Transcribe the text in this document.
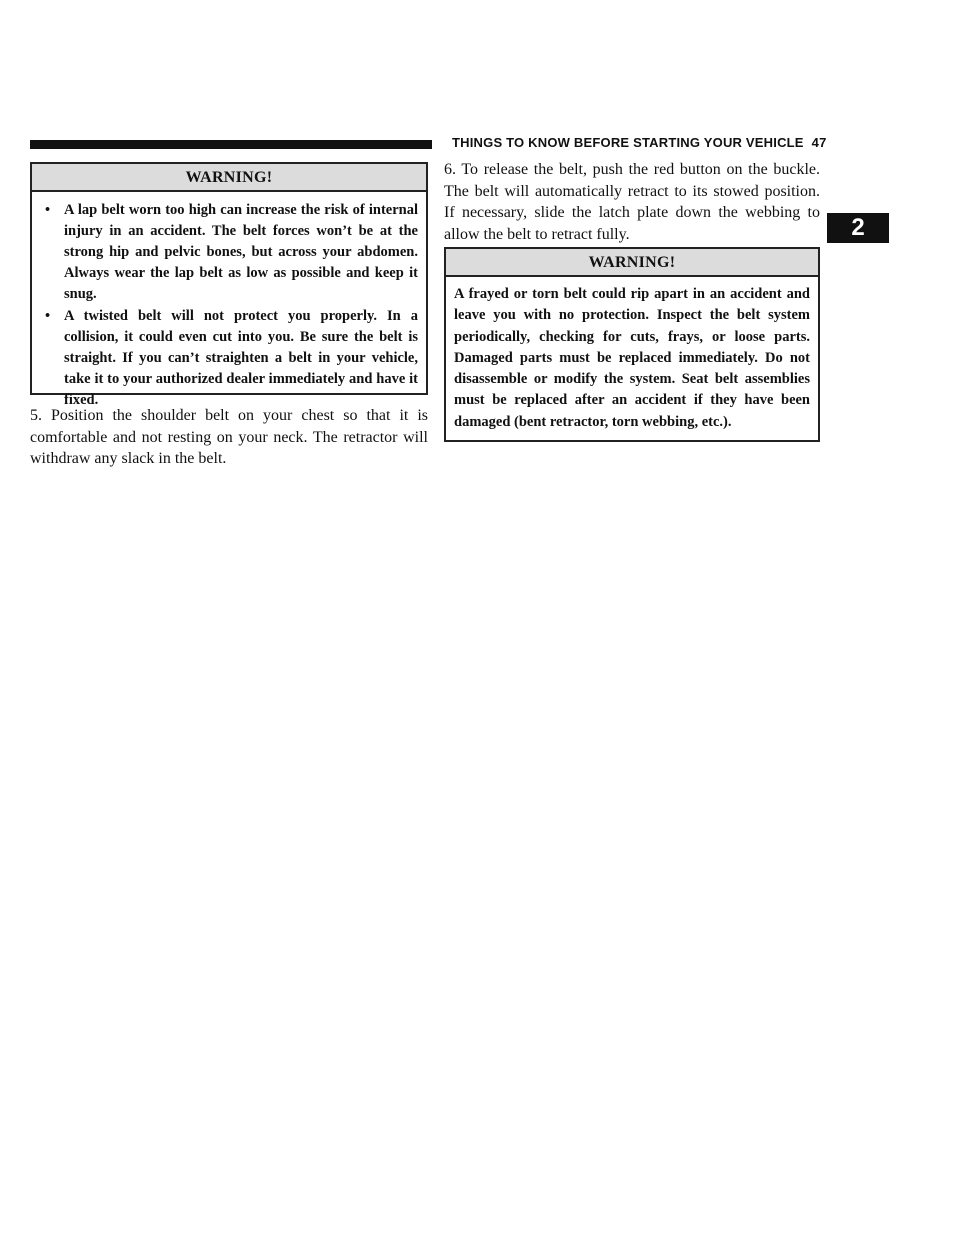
THINGS TO KNOW BEFORE STARTING YOUR VEHICLE 47
2
WARNING!
• A lap belt worn too high can increase the risk of internal injury in an accident. The belt forces won’t be at the strong hip and pelvic bones, but across your abdomen. Always wear the lap belt as low as possible and keep it snug.
• A twisted belt will not protect you properly. In a collision, it could even cut into you. Be sure the belt is straight. If you can’t straighten a belt in your vehicle, take it to your authorized dealer immediately and have it fixed.

5. Position the shoulder belt on your chest so that it is comfortable and not resting on your neck. The retractor will withdraw any slack in the belt.

6. To release the belt, push the red button on the buckle. The belt will automatically retract to its stowed position. If necessary, slide the latch plate down the webbing to allow the belt to retract fully.

WARNING!
A frayed or torn belt could rip apart in an accident and leave you with no protection. Inspect the belt system periodically, checking for cuts, frays, or loose parts. Damaged parts must be replaced immediately. Do not disassemble or modify the system. Seat belt assemblies must be replaced after an accident if they have been damaged (bent retractor, torn webbing, etc.).
